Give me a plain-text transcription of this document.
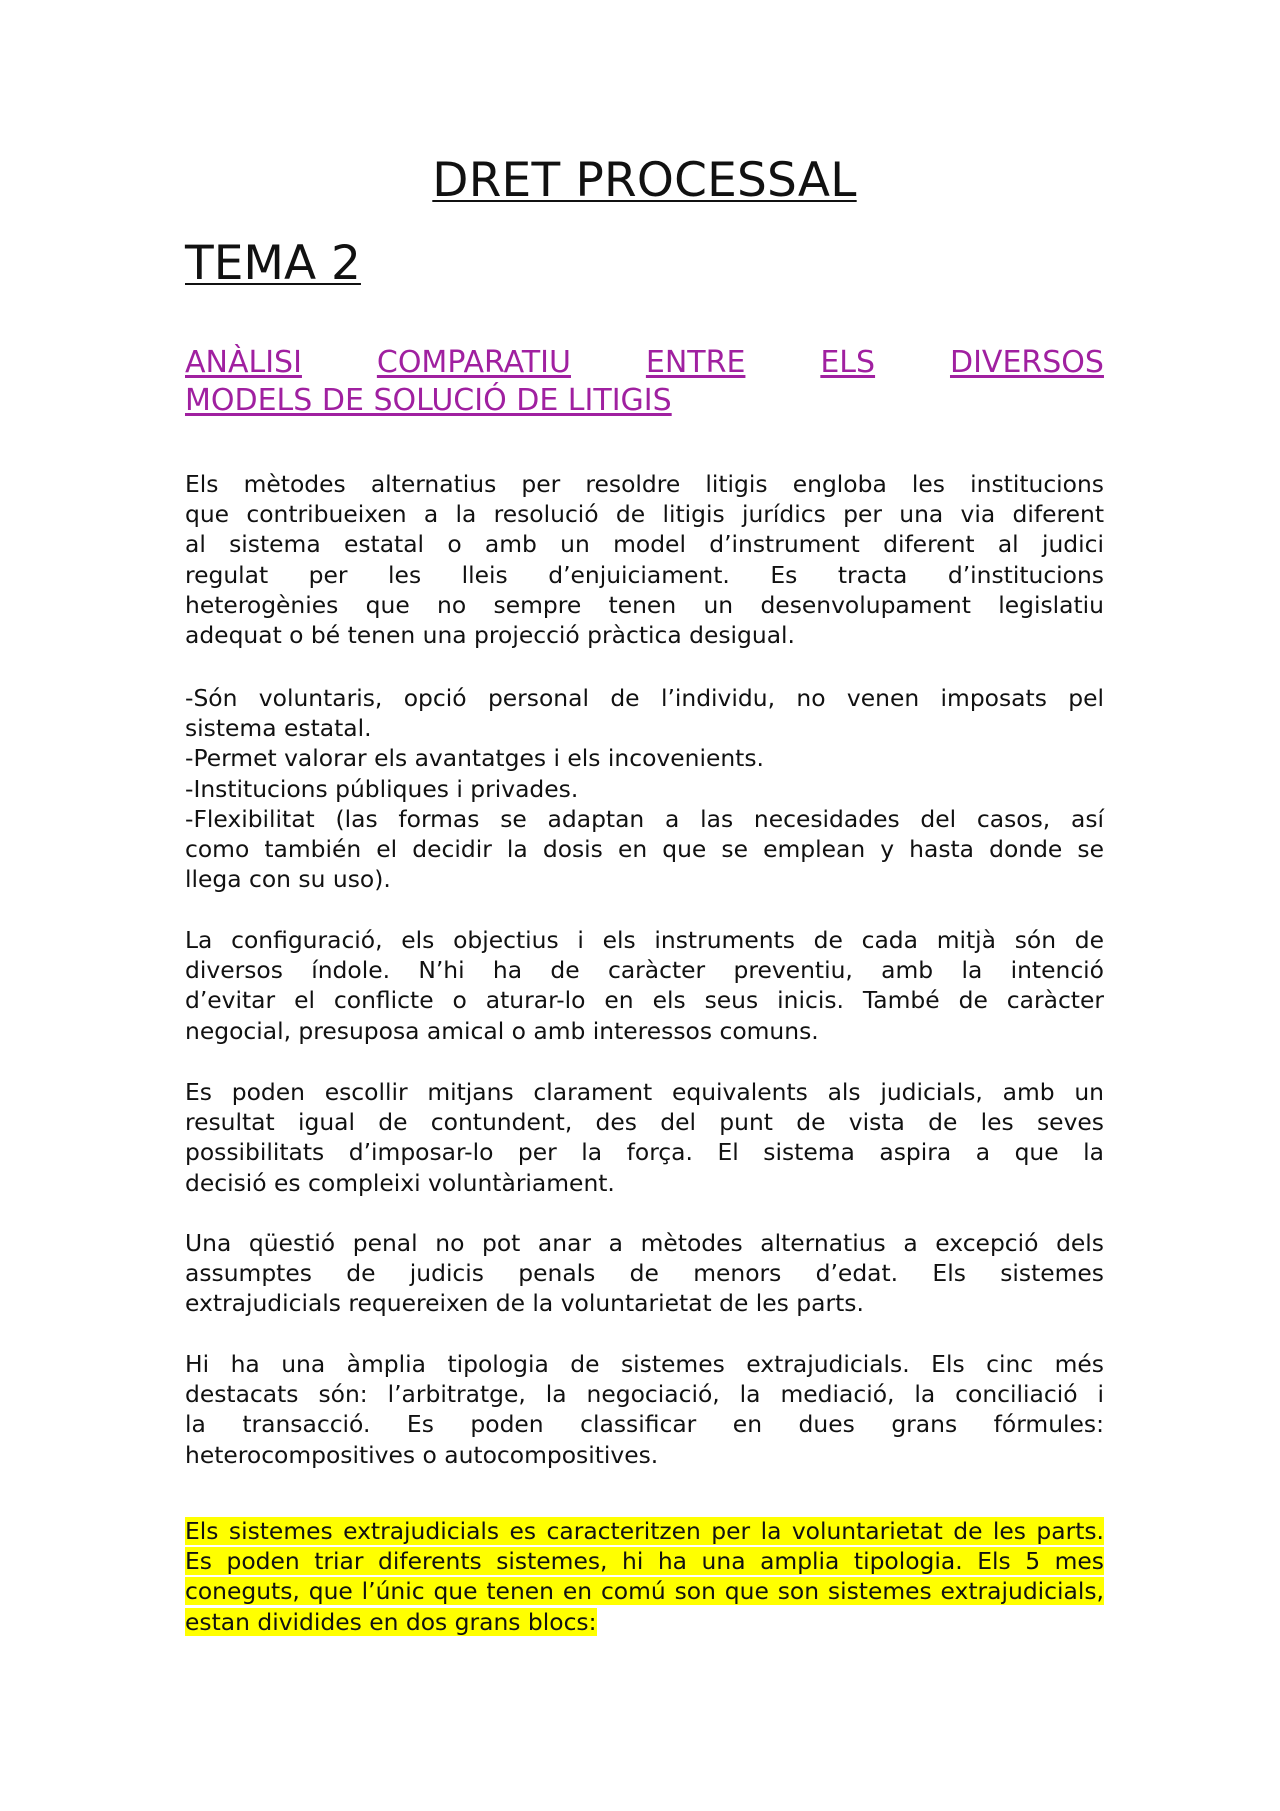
DRET PROCESSAL
TEMA 2
ANÀLISI COMPARATIU ENTRE ELS DIVERSOS
MODELS DE SOLUCIÓ DE LITIGIS
Els mètodes alternatius per resoldre litigis engloba les institucions
que contribueixen a la resolució de litigis jurídics per una via diferent
al sistema estatal o amb un model d’instrument diferent al judici
regulat per les lleis d’enjuiciament. Es tracta d’institucions
heterogènies que no sempre tenen un desenvolupament legislatiu
adequat o bé tenen una projecció pràctica desigual.
-Són voluntaris, opció personal de l’individu, no venen imposats pel
sistema estatal.
-Permet valorar els avantatges i els incovenients.
-Institucions públiques i privades.
-Flexibilitat (las formas se adaptan a las necesidades del casos, así
como también el decidir la dosis en que se emplean y hasta donde se
llega con su uso).
La configuració, els objectius i els instruments de cada mitjà són de
diversos índole. N’hi ha de caràcter preventiu, amb la intenció
d’evitar el conflicte o aturar-lo en els seus inicis. També de caràcter
negocial, presuposa amical o amb interessos comuns.
Es poden escollir mitjans clarament equivalents als judicials, amb un
resultat igual de contundent, des del punt de vista de les seves
possibilitats d’imposar-lo per la força. El sistema aspira a que la
decisió es compleixi voluntàriament.
Una qüestió penal no pot anar a mètodes alternatius a excepció dels
assumptes de judicis penals de menors d’edat. Els sistemes
extrajudicials requereixen de la voluntarietat de les parts.
Hi ha una àmplia tipologia de sistemes extrajudicials. Els cinc més
destacats són: l’arbitratge, la negociació, la mediació, la conciliació i
la transacció. Es poden classificar en dues grans fórmules:
heterocompositives o autocompositives.
Els sistemes extrajudicials es caracteritzen per la voluntarietat de les parts.
Es poden triar diferents sistemes, hi ha una amplia tipologia. Els 5 mes
coneguts, que l’únic que tenen en comú son que son sistemes extrajudicials,
estan dividides en dos grans blocs:
